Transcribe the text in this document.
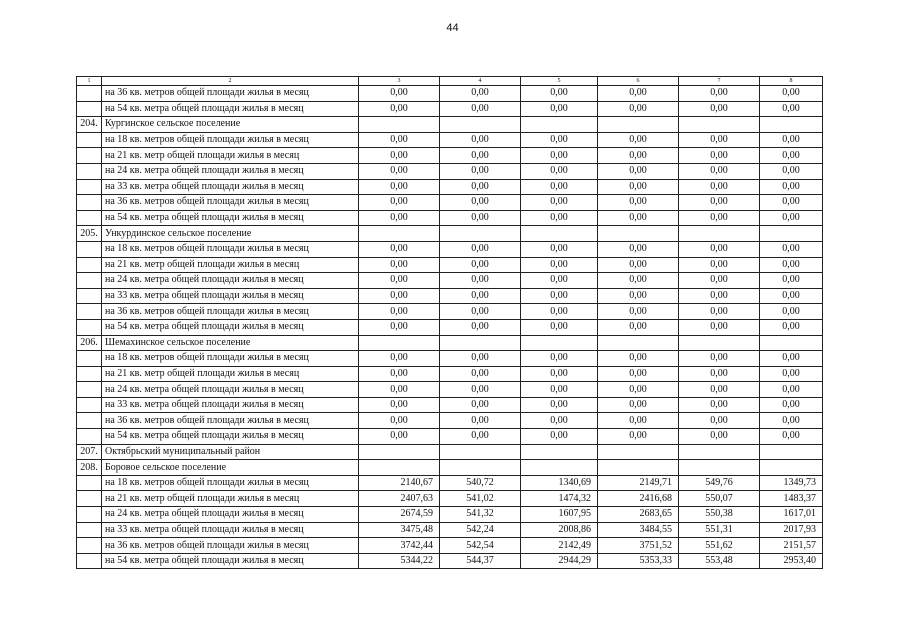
44
1	2	3	4	5	6	7	8
	на 36 кв. метров общей площади жилья в месяц	0,00	0,00	0,00	0,00	0,00	0,00
	на 54 кв. метра общей площади жилья в месяц	0,00	0,00	0,00	0,00	0,00	0,00
204.	Кургинское сельское поселение						
	на 18 кв. метров общей площади жилья в месяц	0,00	0,00	0,00	0,00	0,00	0,00
	на 21 кв. метр общей площади жилья в месяц	0,00	0,00	0,00	0,00	0,00	0,00
	на 24 кв. метра общей площади жилья в месяц	0,00	0,00	0,00	0,00	0,00	0,00
	на 33 кв. метра общей площади жилья в месяц	0,00	0,00	0,00	0,00	0,00	0,00
	на 36 кв. метров общей площади жилья в месяц	0,00	0,00	0,00	0,00	0,00	0,00
	на 54 кв. метра общей площади жилья в месяц	0,00	0,00	0,00	0,00	0,00	0,00
205.	Ункурдинское сельское поселение						
	на 18 кв. метров общей площади жилья в месяц	0,00	0,00	0,00	0,00	0,00	0,00
	на 21 кв. метр общей площади жилья в месяц	0,00	0,00	0,00	0,00	0,00	0,00
	на 24 кв. метра общей площади жилья в месяц	0,00	0,00	0,00	0,00	0,00	0,00
	на 33 кв. метра общей площади жилья в месяц	0,00	0,00	0,00	0,00	0,00	0,00
	на 36 кв. метров общей площади жилья в месяц	0,00	0,00	0,00	0,00	0,00	0,00
	на 54 кв. метра общей площади жилья в месяц	0,00	0,00	0,00	0,00	0,00	0,00
206.	Шемахинское сельское поселение						
	на 18 кв. метров общей площади жилья в месяц	0,00	0,00	0,00	0,00	0,00	0,00
	на 21 кв. метр общей площади жилья в месяц	0,00	0,00	0,00	0,00	0,00	0,00
	на 24 кв. метра общей площади жилья в месяц	0,00	0,00	0,00	0,00	0,00	0,00
	на 33 кв. метра общей площади жилья в месяц	0,00	0,00	0,00	0,00	0,00	0,00
	на 36 кв. метров общей площади жилья в месяц	0,00	0,00	0,00	0,00	0,00	0,00
	на 54 кв. метра общей площади жилья в месяц	0,00	0,00	0,00	0,00	0,00	0,00
207.	Октябрьский муниципальный район						
208.	Боровое сельское поселение						
	на 18 кв. метров общей площади жилья в месяц	2140,67	540,72	1340,69	2149,71	549,76	1349,73
	на 21 кв. метр общей площади жилья в месяц	2407,63	541,02	1474,32	2416,68	550,07	1483,37
	на 24 кв. метра общей площади жилья в месяц	2674,59	541,32	1607,95	2683,65	550,38	1617,01
	на 33 кв. метра общей площади жилья в месяц	3475,48	542,24	2008,86	3484,55	551,31	2017,93
	на 36 кв. метров общей площади жилья в месяц	3742,44	542,54	2142,49	3751,52	551,62	2151,57
	на 54 кв. метра общей площади жилья в месяц	5344,22	544,37	2944,29	5353,33	553,48	2953,40
